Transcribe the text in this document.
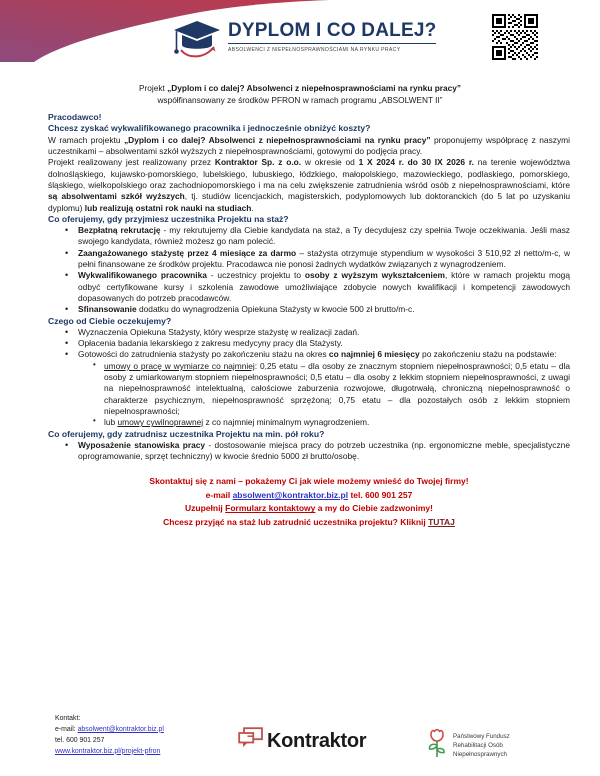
DYPLOM I CO DALEJ?
ABSOLWENCI Z NIEPEŁNOSPRAWNOŚCIAMI NA RYNKU PRACY
Projekt „Dyplom i co dalej? Absolwenci z niepełnosprawnościami na rynku pracy”
współfinansowany ze środków PFRON w ramach programu „ABSOLWENT II”
Pracodawco!
Chcesz zyskać wykwalifikowanego pracownika i jednocześnie obniżyć koszty?

W ramach projektu „Dyplom i co dalej? Absolwenci z niepełnosprawnościami na rynku pracy” proponujemy współpracę z naszymi uczestnikami – absolwentami szkół wyższych z niepełnosprawnościami, gotowymi do podjęcia pracy.

Projekt realizowany jest realizowany przez Kontraktor Sp. z o.o. w okresie od 1 X 2024 r. do 30 IX 2026 r. na terenie województwa dolnośląskiego, kujawsko-pomorskiego, lubelskiego, lubuskiego, łódzkiego, małopolskiego, mazowieckiego, podlaskiego, pomorskiego, śląskiego, wielkopolskiego oraz zachodniopomorskiego i ma na celu zwiększenie zatrudnienia wśród osób z niepełnosprawnościami, które są absolwentami szkół wyższych, tj. studiów licencjackich, magisterskich, podyplomowych lub doktoranckich (do 5 lat po uzyskaniu dyplomu) lub realizują ostatni rok nauki na studiach.

Co oferujemy, gdy przyjmiesz uczestnika Projektu na staż?
• Bezpłatną rekrutację - my rekrutujemy dla Ciebie kandydata na staż, a Ty decydujesz czy spełnia Twoje oczekiwania. Jeśli masz swojego kandydata, również możesz go nam polecić.
• Zaangażowanego stażystę przez 4 miesiące za darmo – stażysta otrzymuje stypendium w wysokości 3 510,92 zł netto/m-c, w pełni finansowane ze środków projektu. Pracodawca nie ponosi żadnych wydatków związanych z wynagrodzeniem.
• Wykwalifikowanego pracownika - uczestnicy projektu to osoby z wyższym wykształceniem, które w ramach projektu mogą odbyć certyfikowane kursy i szkolenia zawodowe umożliwiające zdobycie nowych kwalifikacji i kompetencji zawodowych dopasowanych do potrzeb pracodawców.
• Sfinansowanie dodatku do wynagrodzenia Opiekuna Stażysty w kwocie 500 zł brutto/m-c.
Czego od Ciebie oczekujemy?
• Wyznaczenia Opiekuna Stażysty, który wesprze stażystę w realizacji zadań.
• Opłacenia badania lekarskiego z zakresu medycyny pracy dla Stażysty.
• Gotowości do zatrudnienia stażysty po zakończeniu stażu na okres co najmniej 6 miesięcy po zakończeniu stażu na podstawie:
• umowy o pracę w wymiarze co najmniej: 0,25 etatu – dla osoby ze znacznym stopniem niepełnosprawności; 0,5 etatu – dla osoby z umiarkowanym stopniem niepełnosprawności; 0,5 etatu – dla osoby z lekkim stopniem niepełnosprawności, z uwagi na niepełnosprawność intelektualną, całościowe zaburzenia rozwojowe, długotrwałą, chroniczną niepełnosprawność o charakterze psychicznym, niepełnosprawność sprzężoną; 0,75 etatu – dla pozostałych osób z lekkim stopniem niepełnosprawności;
• lub umowy cywilnoprawnej z co najmniej minimalnym wynagrodzeniem.
Co oferujemy, gdy zatrudnisz uczestnika Projektu na min. pół roku?
• Wyposażenie stanowiska pracy - dostosowanie miejsca pracy do potrzeb uczestnika (np. ergonomiczne meble, specjalistyczne oprogramowanie, sprzęt techniczny) w kwocie średnio 5000 zł brutto/osobę.
Skontaktuj się z nami – pokażemy Ci jak wiele możemy wnieść do Twojej firmy!
e-mail absolwent@kontraktor.biz.pl tel. 600 901 257
Uzupełnij Formularz kontaktowy a my do Ciebie zadzwonimy!
Chcesz przyjąć na staż lub zatrudnić uczestnika projektu? Kliknij TUTAJ
Kontakt:
e-mail: absolwent@kontraktor.biz.pl
tel. 600 901 257
www.kontraktor.biz.pl/projekt-pfron	Kontraktor	Państwowy Fundusz
Rehabilitacji Osób
Niepełnosprawnych
